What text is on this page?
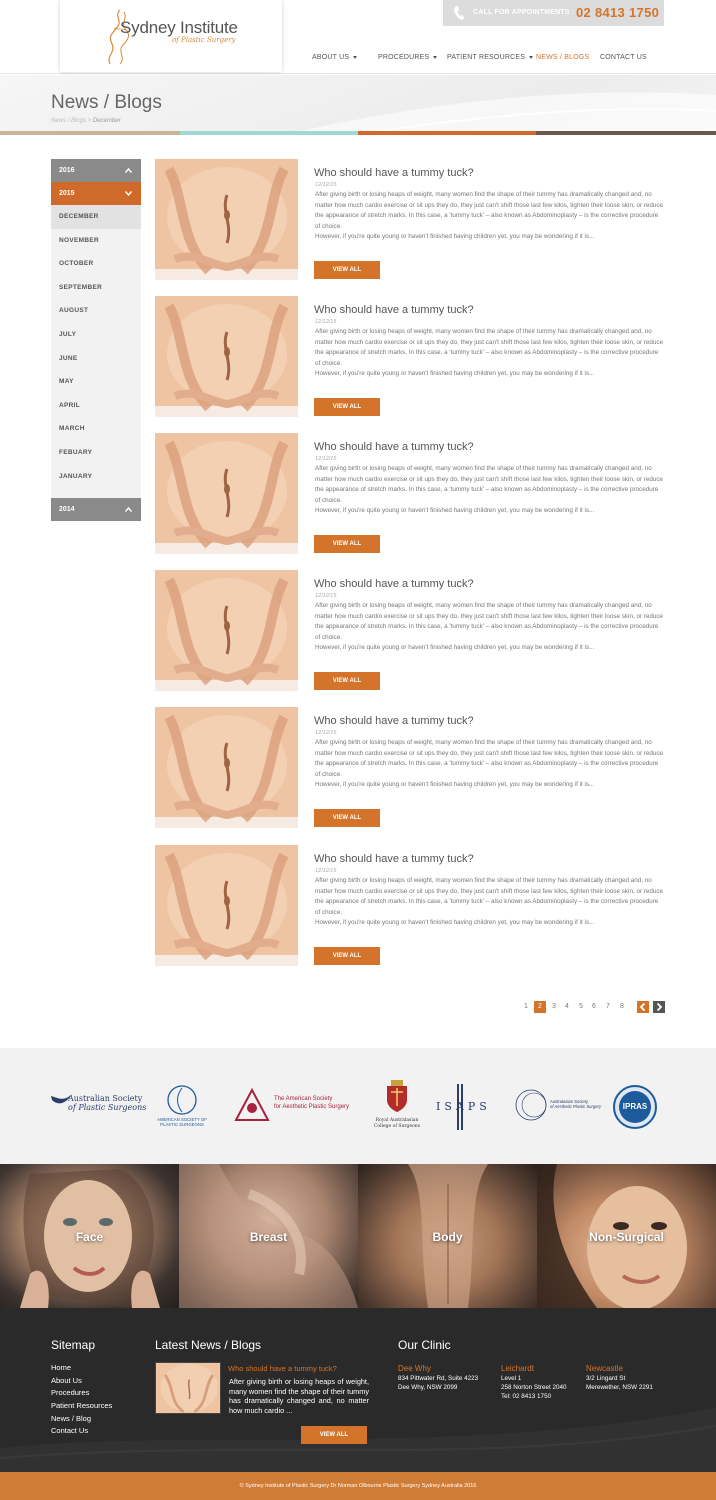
Sydney Institute
of Plastic Surgery
CALL FOR APPOINTMENTS : 02 8413 1750
ABOUT US	PROCEDURES	PATIENT RESOURCES	NEWS / BLOGS CONTACT US
News / Blogs
News / Blogs > December
2016
2015
DECEMBER
NOVEMBER
OCTOBER
SEPTEMBER
AUGUST
JULY
JUNE
MAY
APRIL
MARCH
FEBUARY
JANUARY
2014
Who should have a tummy tuck?
12/12/15
After giving birth or losing heaps of weight, many women find the shape of their tummy has dramatically changed and, no matter how much cardio exercise or sit ups they do, they just can't shift those last few kilos, tighten their loose skin, or reduce the appearance of stretch marks. In this case, a 'tummy tuck' – also known as Abdominoplasty – is the corrective procedure of choice.
However, if you're quite young or haven't finished having children yet, you may be wondering if it is...
VIEW ALL
Who should have a tummy tuck?
12/12/15
After giving birth or losing heaps of weight, many women find the shape of their tummy has dramatically changed and, no matter how much cardio exercise or sit ups they do, they just can't shift those last few kilos, tighten their loose skin, or reduce the appearance of stretch marks. In this case, a 'tummy tuck' – also known as Abdominoplasty – is the corrective procedure of choice.
However, if you're quite young or haven't finished having children yet, you may be wondering if it is...
VIEW ALL
Who should have a tummy tuck?
12/12/15
After giving birth or losing heaps of weight, many women find the shape of their tummy has dramatically changed and, no matter how much cardio exercise or sit ups they do, they just can't shift those last few kilos, tighten their loose skin, or reduce the appearance of stretch marks. In this case, a 'tummy tuck' – also known as Abdominoplasty – is the corrective procedure of choice.
However, if you're quite young or haven't finished having children yet, you may be wondering if it is...
VIEW ALL
Who should have a tummy tuck?
12/12/15
After giving birth or losing heaps of weight, many women find the shape of their tummy has dramatically changed and, no matter how much cardio exercise or sit ups they do, they just can't shift those last few kilos, tighten their loose skin, or reduce the appearance of stretch marks. In this case, a 'tummy tuck' – also known as Abdominoplasty – is the corrective procedure of choice.
However, if you're quite young or haven't finished having children yet, you may be wondering if it is...
VIEW ALL
Who should have a tummy tuck?
12/12/15
After giving birth or losing heaps of weight, many women find the shape of their tummy has dramatically changed and, no matter how much cardio exercise or sit ups they do, they just can't shift those last few kilos, tighten their loose skin, or reduce the appearance of stretch marks. In this case, a 'tummy tuck' – also known as Abdominoplasty – is the corrective procedure of choice.
However, if you're quite young or haven't finished having children yet, you may be wondering if it is...
VIEW ALL
Who should have a tummy tuck?
12/12/15
After giving birth or losing heaps of weight, many women find the shape of their tummy has dramatically changed and, no matter how much cardio exercise or sit ups they do, they just can't shift those last few kilos, tighten their loose skin, or reduce the appearance of stretch marks. In this case, a 'tummy tuck' – also known as Abdominoplasty – is the corrective procedure of choice.
However, if you're quite young or haven't finished having children yet, you may be wondering if it is...
VIEW ALL
1	2	3	4	5	6	7	8
Australian Society
of Plastic Surgeons
AMERICAN SOCIETY OF
PLASTIC SURGEONS
The American Society
for Aesthetic Plastic Surgery
Royal Australasian
College of Surgeons
ISAPS	Australasian Society
of Aesthetic Plastic Surgery	IPRAS
Face	Breast	Body	Non-Surgical
Sitemap
Home
About Us
Procedures
Patient Resources
News / Blog
Contact Us
Latest News / Blogs
Who should have a tummy tuck?
After giving birth or losing heaps of weight, many women find the shape of their tummy has dramatically changed and, no matter how much cardio ...
VIEW ALL
Our Clinic
Dee Why
834 Pittwater Rd, Suite 4223
Dee Why, NSW 2099
Leichardt
Level 1
258 Norton Street 2040
Tel: 02 8413 1750
Newcastle
3/2 Lingard St
Merewether, NSW 2291
© Sydney Institute of Plastic Surgery Dr Norman Olbourne Plastic Surgery Sydney Australia 2016
